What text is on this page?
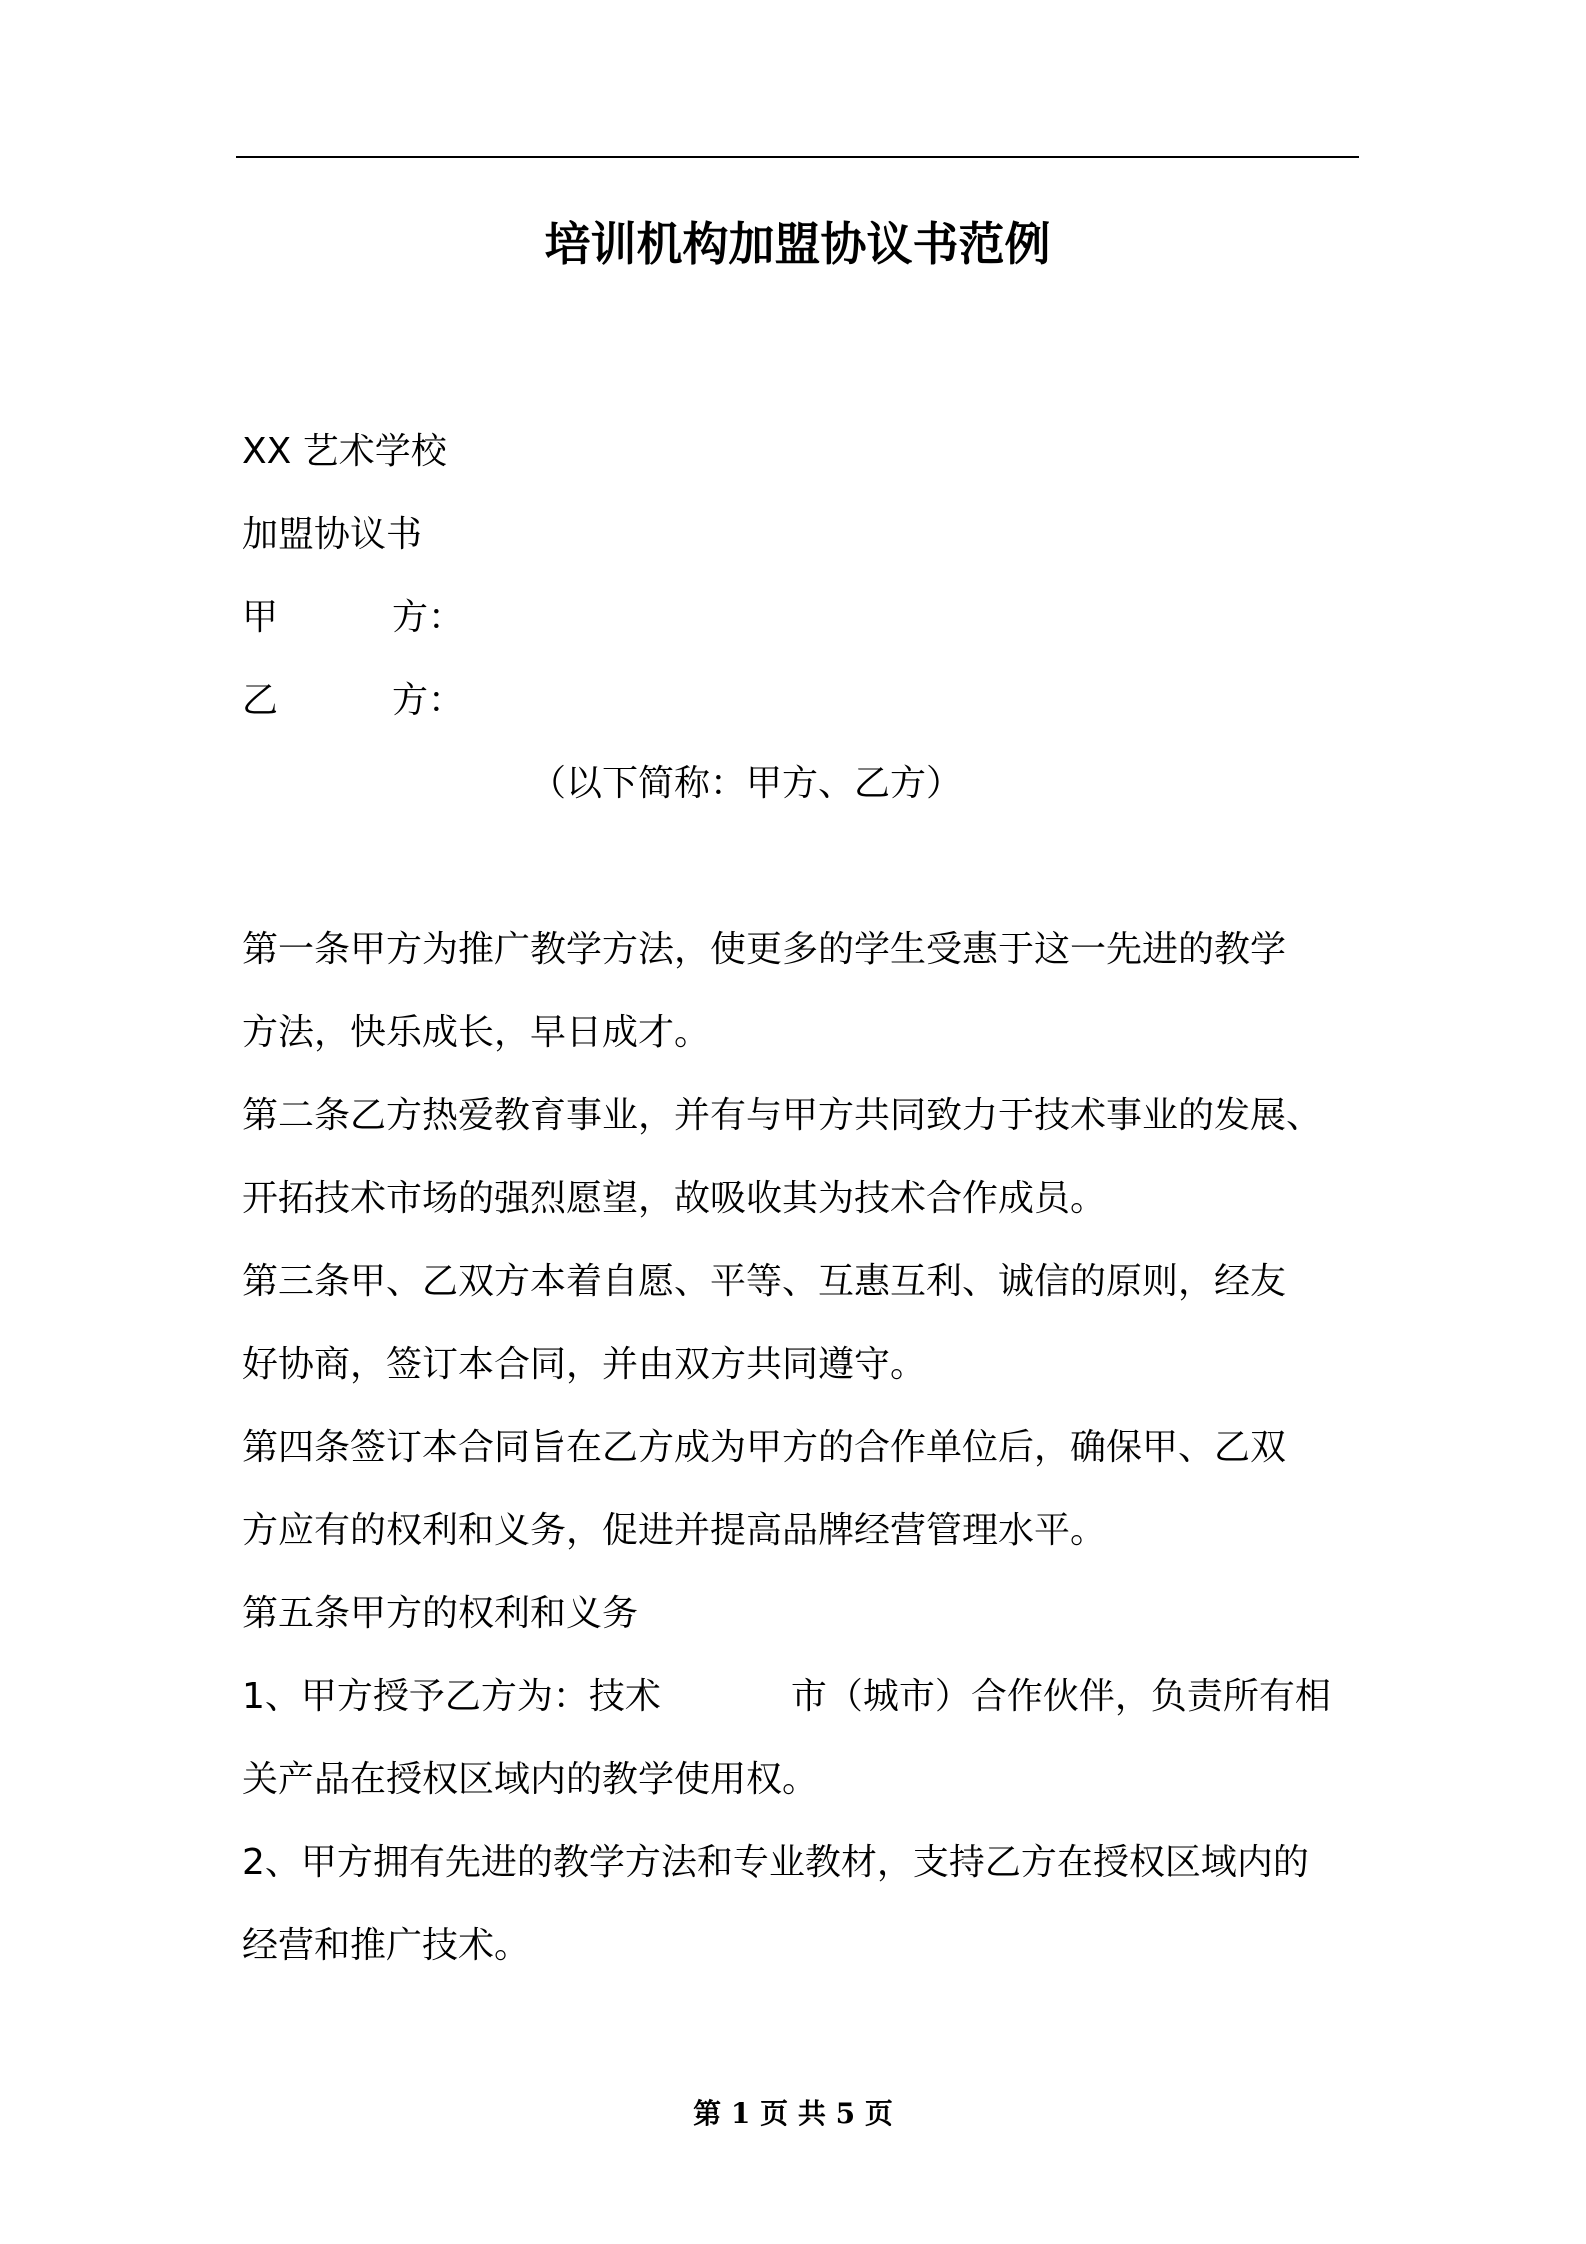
培训机构加盟协议书范例
XX 艺术学校
加盟协议书
甲	方：
乙	方：
（以下简称：甲方、乙方）
第一条甲方为推广教学方法，使更多的学生受惠于这一先进的教学
方法，快乐成长，早日成才。
第二条乙方热爱教育事业，并有与甲方共同致力于技术事业的发展、
开拓技术市场的强烈愿望，故吸收其为技术合作成员。
第三条甲、乙双方本着自愿、平等、互惠互利、诚信的原则，经友
好协商，签订本合同，并由双方共同遵守。
第四条签订本合同旨在乙方成为甲方的合作单位后，确保甲、乙双
方应有的权利和义务，促进并提高品牌经营管理水平。
第五条甲方的权利和义务
1、甲方授予乙方为：技术	市（城市）合作伙伴，负责所有相
关产品在授权区域内的教学使用权。
2、甲方拥有先进的教学方法和专业教材，支持乙方在授权区域内的
经营和推广技术。
第 1 页 共 5 页
